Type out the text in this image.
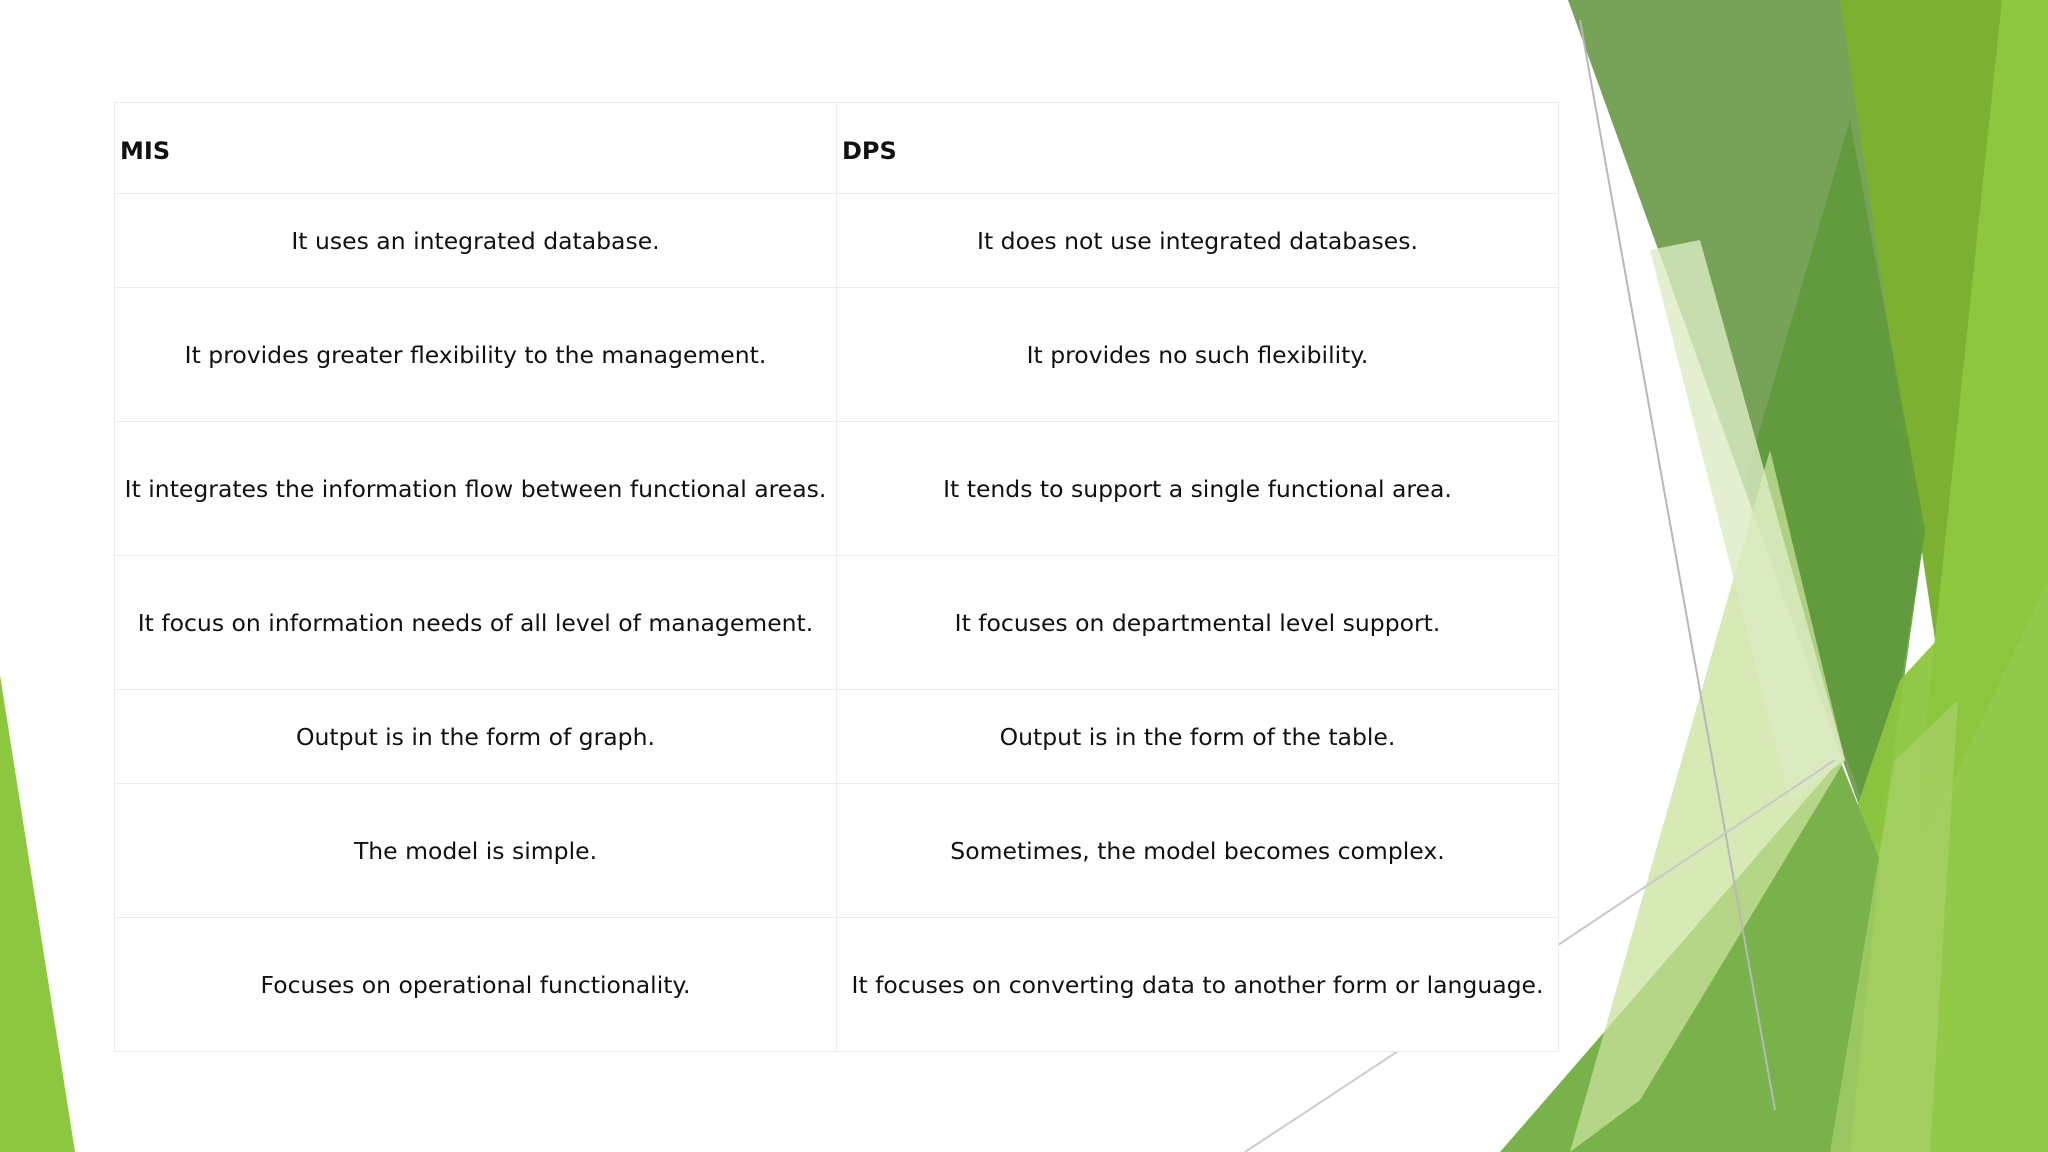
MIS	DPS
It uses an integrated database.	It does not use integrated databases.
It provides greater flexibility to the management.	It provides no such flexibility.
It integrates the information flow between functional areas.	It tends to support a single functional area.
It focus on information needs of all level of management.	It focuses on departmental level support.
Output is in the form of graph.	Output is in the form of the table.
The model is simple.	Sometimes, the model becomes complex.
Focuses on operational functionality.	It focuses on converting data to another form or language.
